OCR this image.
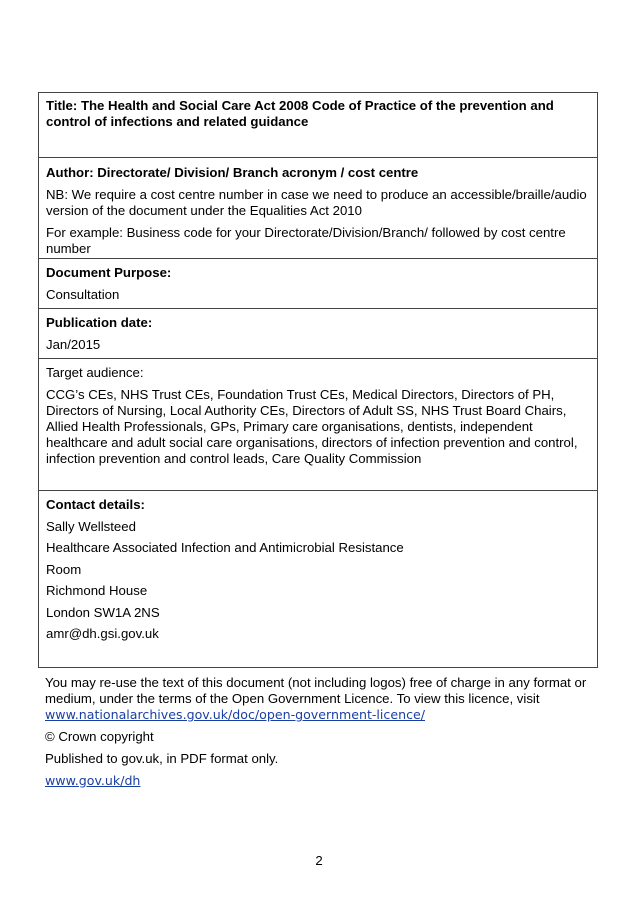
Title: The Health and Social Care Act 2008 Code of Practice of the prevention and control of infections and related guidance

Author: Directorate/ Division/ Branch acronym / cost centre

NB: We require a cost centre number in case we need to produce an accessible/braille/audio version of the document under the Equalities Act 2010

For example: Business code for your Directorate/Division/Branch/ followed by cost centre number

Document Purpose:

Consultation

Publication date:

Jan/2015

Target audience:

CCG’s CEs, NHS Trust CEs, Foundation Trust CEs, Medical Directors, Directors of PH, Directors of Nursing, Local Authority CEs, Directors of Adult SS, NHS Trust Board Chairs, Allied Health Professionals, GPs, Primary care organisations, dentists, independent healthcare and adult social care organisations, directors of infection prevention and control, infection prevention and control leads, Care Quality Commission

Contact details:

Sally Wellsteed

Healthcare Associated Infection and Antimicrobial Resistance

Room

Richmond House

London SW1A 2NS

amr@dh.gsi.gov.uk

You may re-use the text of this document (not including logos) free of charge in any format or medium, under the terms of the Open Government Licence. To view this licence, visit
www.nationalarchives.gov.uk/doc/open-government-licence/

© Crown copyright

Published to gov.uk, in PDF format only.

www.gov.uk/dh

2
